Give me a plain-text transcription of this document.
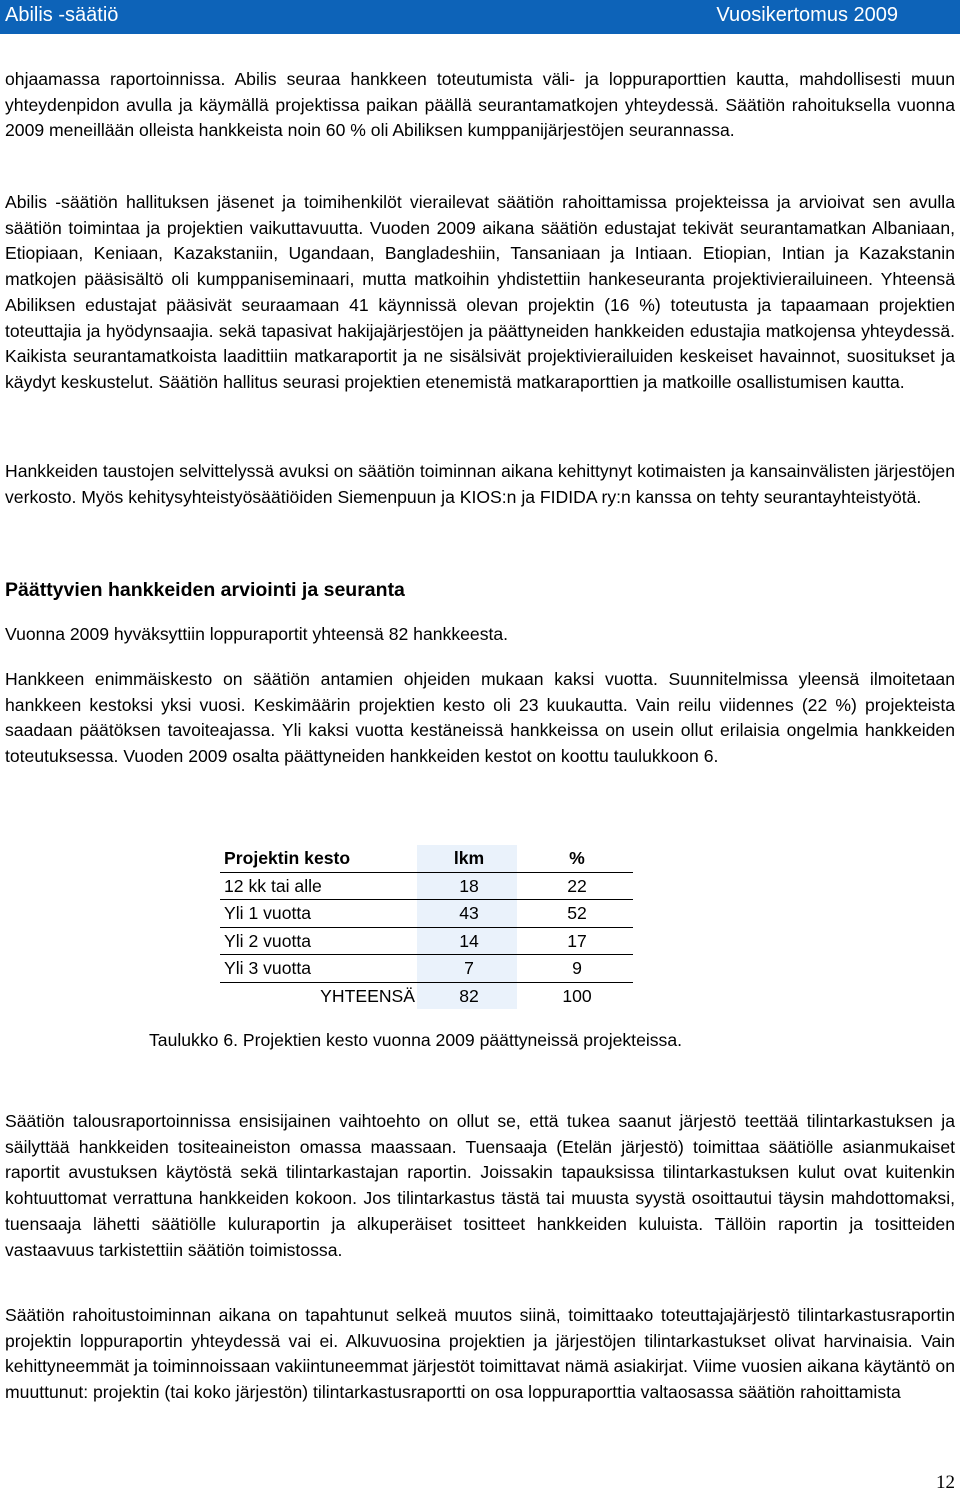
Abilis -säätiö	Vuosikertomus 2009

ohjaamassa raportoinnissa. Abilis seuraa hankkeen toteutumista väli- ja loppuraporttien kautta, mahdollisesti muun yhteydenpidon avulla ja käymällä projektissa paikan päällä seurantamatkojen yhteydessä. Säätiön rahoituksella vuonna 2009 meneillään olleista hankkeista noin 60 % oli Abiliksen kumppanijärjestöjen seurannassa.

Abilis -säätiön hallituksen jäsenet ja toimihenkilöt vierailevat säätiön rahoittamissa projekteissa ja arvioivat sen avulla säätiön toimintaa ja projektien vaikuttavuutta. Vuoden 2009 aikana säätiön edustajat tekivät seurantamatkan Albaniaan, Etiopiaan, Keniaan, Kazakstaniin, Ugandaan, Bangladeshiin, Tansaniaan ja Intiaan. Etiopian, Intian ja Kazakstanin matkojen pääsisältö oli kumppaniseminaari, mutta matkoihin yhdistettiin hankeseuranta projektivierailuineen. Yhteensä Abiliksen edustajat pääsivät seuraamaan 41 käynnissä olevan projektin (16 %) toteutusta ja tapaamaan projektien toteuttajia ja hyödynsaajia. sekä tapasivat hakijajärjestöjen ja päättyneiden hankkeiden edustajia matkojensa yhteydessä. Kaikista seurantamatkoista laadittiin matkaraportit ja ne sisälsivät projektivierailuiden keskeiset havainnot, suositukset ja käydyt keskustelut. Säätiön hallitus seurasi projektien etenemistä matkaraporttien ja matkoille osallistumisen kautta.

Hankkeiden taustojen selvittelyssä avuksi on säätiön toiminnan aikana kehittynyt kotimaisten ja kansainvälisten järjestöjen verkosto. Myös kehitysyhteistyösäätiöiden Siemenpuun ja KIOS:n ja FIDIDA ry:n kanssa on tehty seurantayhteistyötä.

Päättyvien hankkeiden arviointi ja seuranta

Vuonna 2009 hyväksyttiin loppuraportit yhteensä 82 hankkeesta.

Hankkeen enimmäiskesto on säätiön antamien ohjeiden mukaan kaksi vuotta. Suunnitelmissa yleensä ilmoitetaan hankkeen kestoksi yksi vuosi. Keskimäärin projektien kesto oli 23 kuukautta. Vain reilu viidennes (22 %) projekteista saadaan päätöksen tavoiteajassa. Yli kaksi vuotta kestäneissä hankkeissa on usein ollut erilaisia ongelmia hankkeiden toteutuksessa. Vuoden 2009 osalta päättyneiden hankkeiden kestot on koottu taulukkoon 6.

Säätiön talousraportoinnissa ensisijainen vaihtoehto on ollut se, että tukea saanut järjestö teettää tilintarkastuksen ja säilyttää hankkeiden tositeaineiston omassa maassaan. Tuensaaja (Etelän järjestö) toimittaa säätiölle asianmukaiset raportit avustuksen käytöstä sekä tilintarkastajan raportin. Joissakin tapauksissa tilintarkastuksen kulut ovat kuitenkin kohtuuttomat verrattuna hankkeiden kokoon. Jos tilintarkastus tästä tai muusta syystä osoittautui täysin mahdottomaksi, tuensaaja lähetti säätiölle kuluraportin ja alkuperäiset tositteet hankkeiden kuluista. Tällöin raportin ja tositteiden vastaavuus tarkistettiin säätiön toimistossa.

Säätiön rahoitustoiminnan aikana on tapahtunut selkeä muutos siinä, toimittaako toteuttajajärjestö tilintarkastusraportin projektin loppuraportin yhteydessä vai ei. Alkuvuosina projektien ja järjestöjen tilintarkastukset olivat harvinaisia. Vain kehittyneemmät ja toiminnoissaan vakiintuneemmat järjestöt toimittavat nämä asiakirjat. Viime vuosien aikana käytäntö on muuttunut: projektin (tai koko järjestön) tilintarkastusraportti on osa loppuraporttia valtaosassa säätiön rahoittamista

Projektin kesto	lkm	%
12 kk tai alle	18	22
Yli 1 vuotta	43	52
Yli 2 vuotta	14	17
Yli 3 vuotta	7	9
YHTEENSÄ	82	100
Taulukko 6. Projektien kesto vuonna 2009 päättyneissä projekteissa.
12
